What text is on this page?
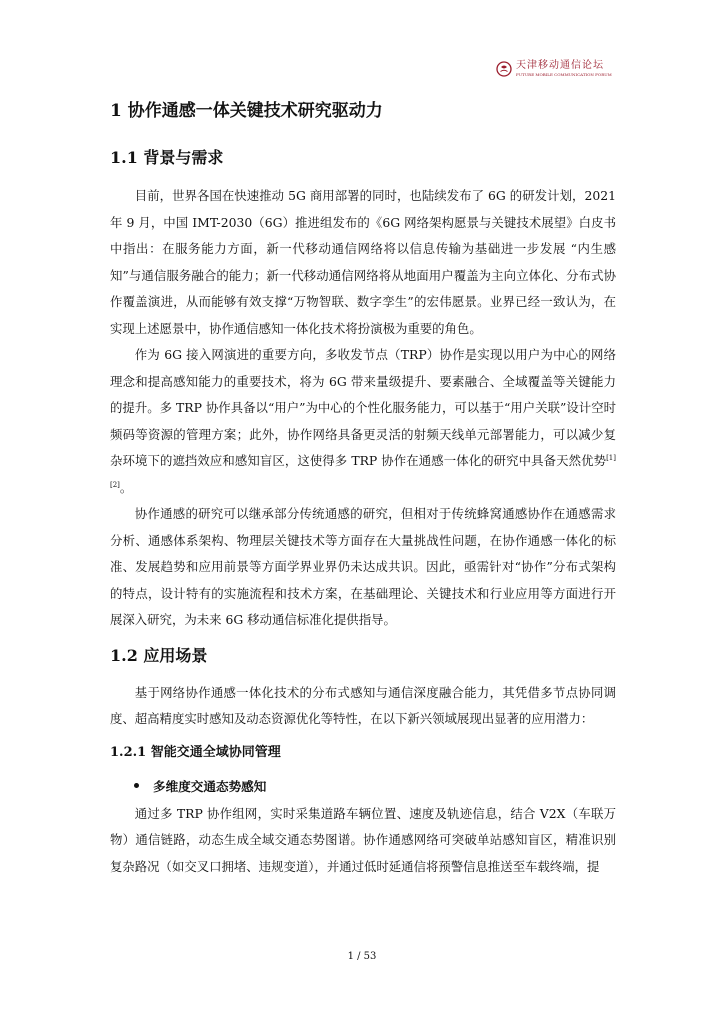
天津移动通信论坛
FUTURE MOBILE COMMUNICATION FORUM
1 协作通感一体关键技术研究驱动力
1.1 背景与需求

目前，世界各国在快速推动 5G 商用部署的同时，也陆续发布了 6G 的研发计划，2021 年 9 月，中国 IMT-2030（6G）推进组发布的《6G 网络架构愿景与关键技术展望》白皮书中指出：在服务能力方面，新一代移动通信网络将以信息传输为基础进一步发展 “内生感知”与通信服务融合的能力；新一代移动通信网络将从地面用户覆盖为主向立体化、分布式协作覆盖演进，从而能够有效支撑“万物智联、数字孪生”的宏伟愿景。业界已经一致认为，在实现上述愿景中，协作通信感知一体化技术将扮演极为重要的角色。

作为 6G 接入网演进的重要方向，多收发节点（TRP）协作是实现以用户为中心的网络理念和提高感知能力的重要技术，将为 6G 带来量级提升、要素融合、全域覆盖等关键能力的提升。多 TRP 协作具备以“用户”为中心的个性化服务能力，可以基于“用户关联”设计空时频码等资源的管理方案；此外，协作网络具备更灵活的射频天线单元部署能力，可以减少复杂环境下的遮挡效应和感知盲区，这使得多 TRP 协作在通感一体化的研究中具备天然优势[1][2]。

协作通感的研究可以继承部分传统通感的研究，但相对于传统蜂窝通感协作在通感需求分析、通感体系架构、物理层关键技术等方面存在大量挑战性问题，在协作通感一体化的标准、发展趋势和应用前景等方面学界业界仍未达成共识。因此，亟需针对“协作”分布式架构的特点，设计特有的实施流程和技术方案，在基础理论、关键技术和行业应用等方面进行开展深入研究，为未来 6G 移动通信标准化提供指导。

1.2 应用场景

基于网络协作通感一体化技术的分布式感知与通信深度融合能力，其凭借多节点协同调度、超高精度实时感知及动态资源优化等特性，在以下新兴领域展现出显著的应用潜力：

1.2.1 智能交通全域协同管理
多维度交通态势感知

通过多 TRP 协作组网，实时采集道路车辆位置、速度及轨迹信息，结合 V2X（车联万物）通信链路，动态生成全域交通态势图谱。协作通感网络可突破单站感知盲区，精准识别复杂路况（如交叉口拥堵、违规变道），并通过低时延通信将预警信息推送至车载终端，提

1 / 53
